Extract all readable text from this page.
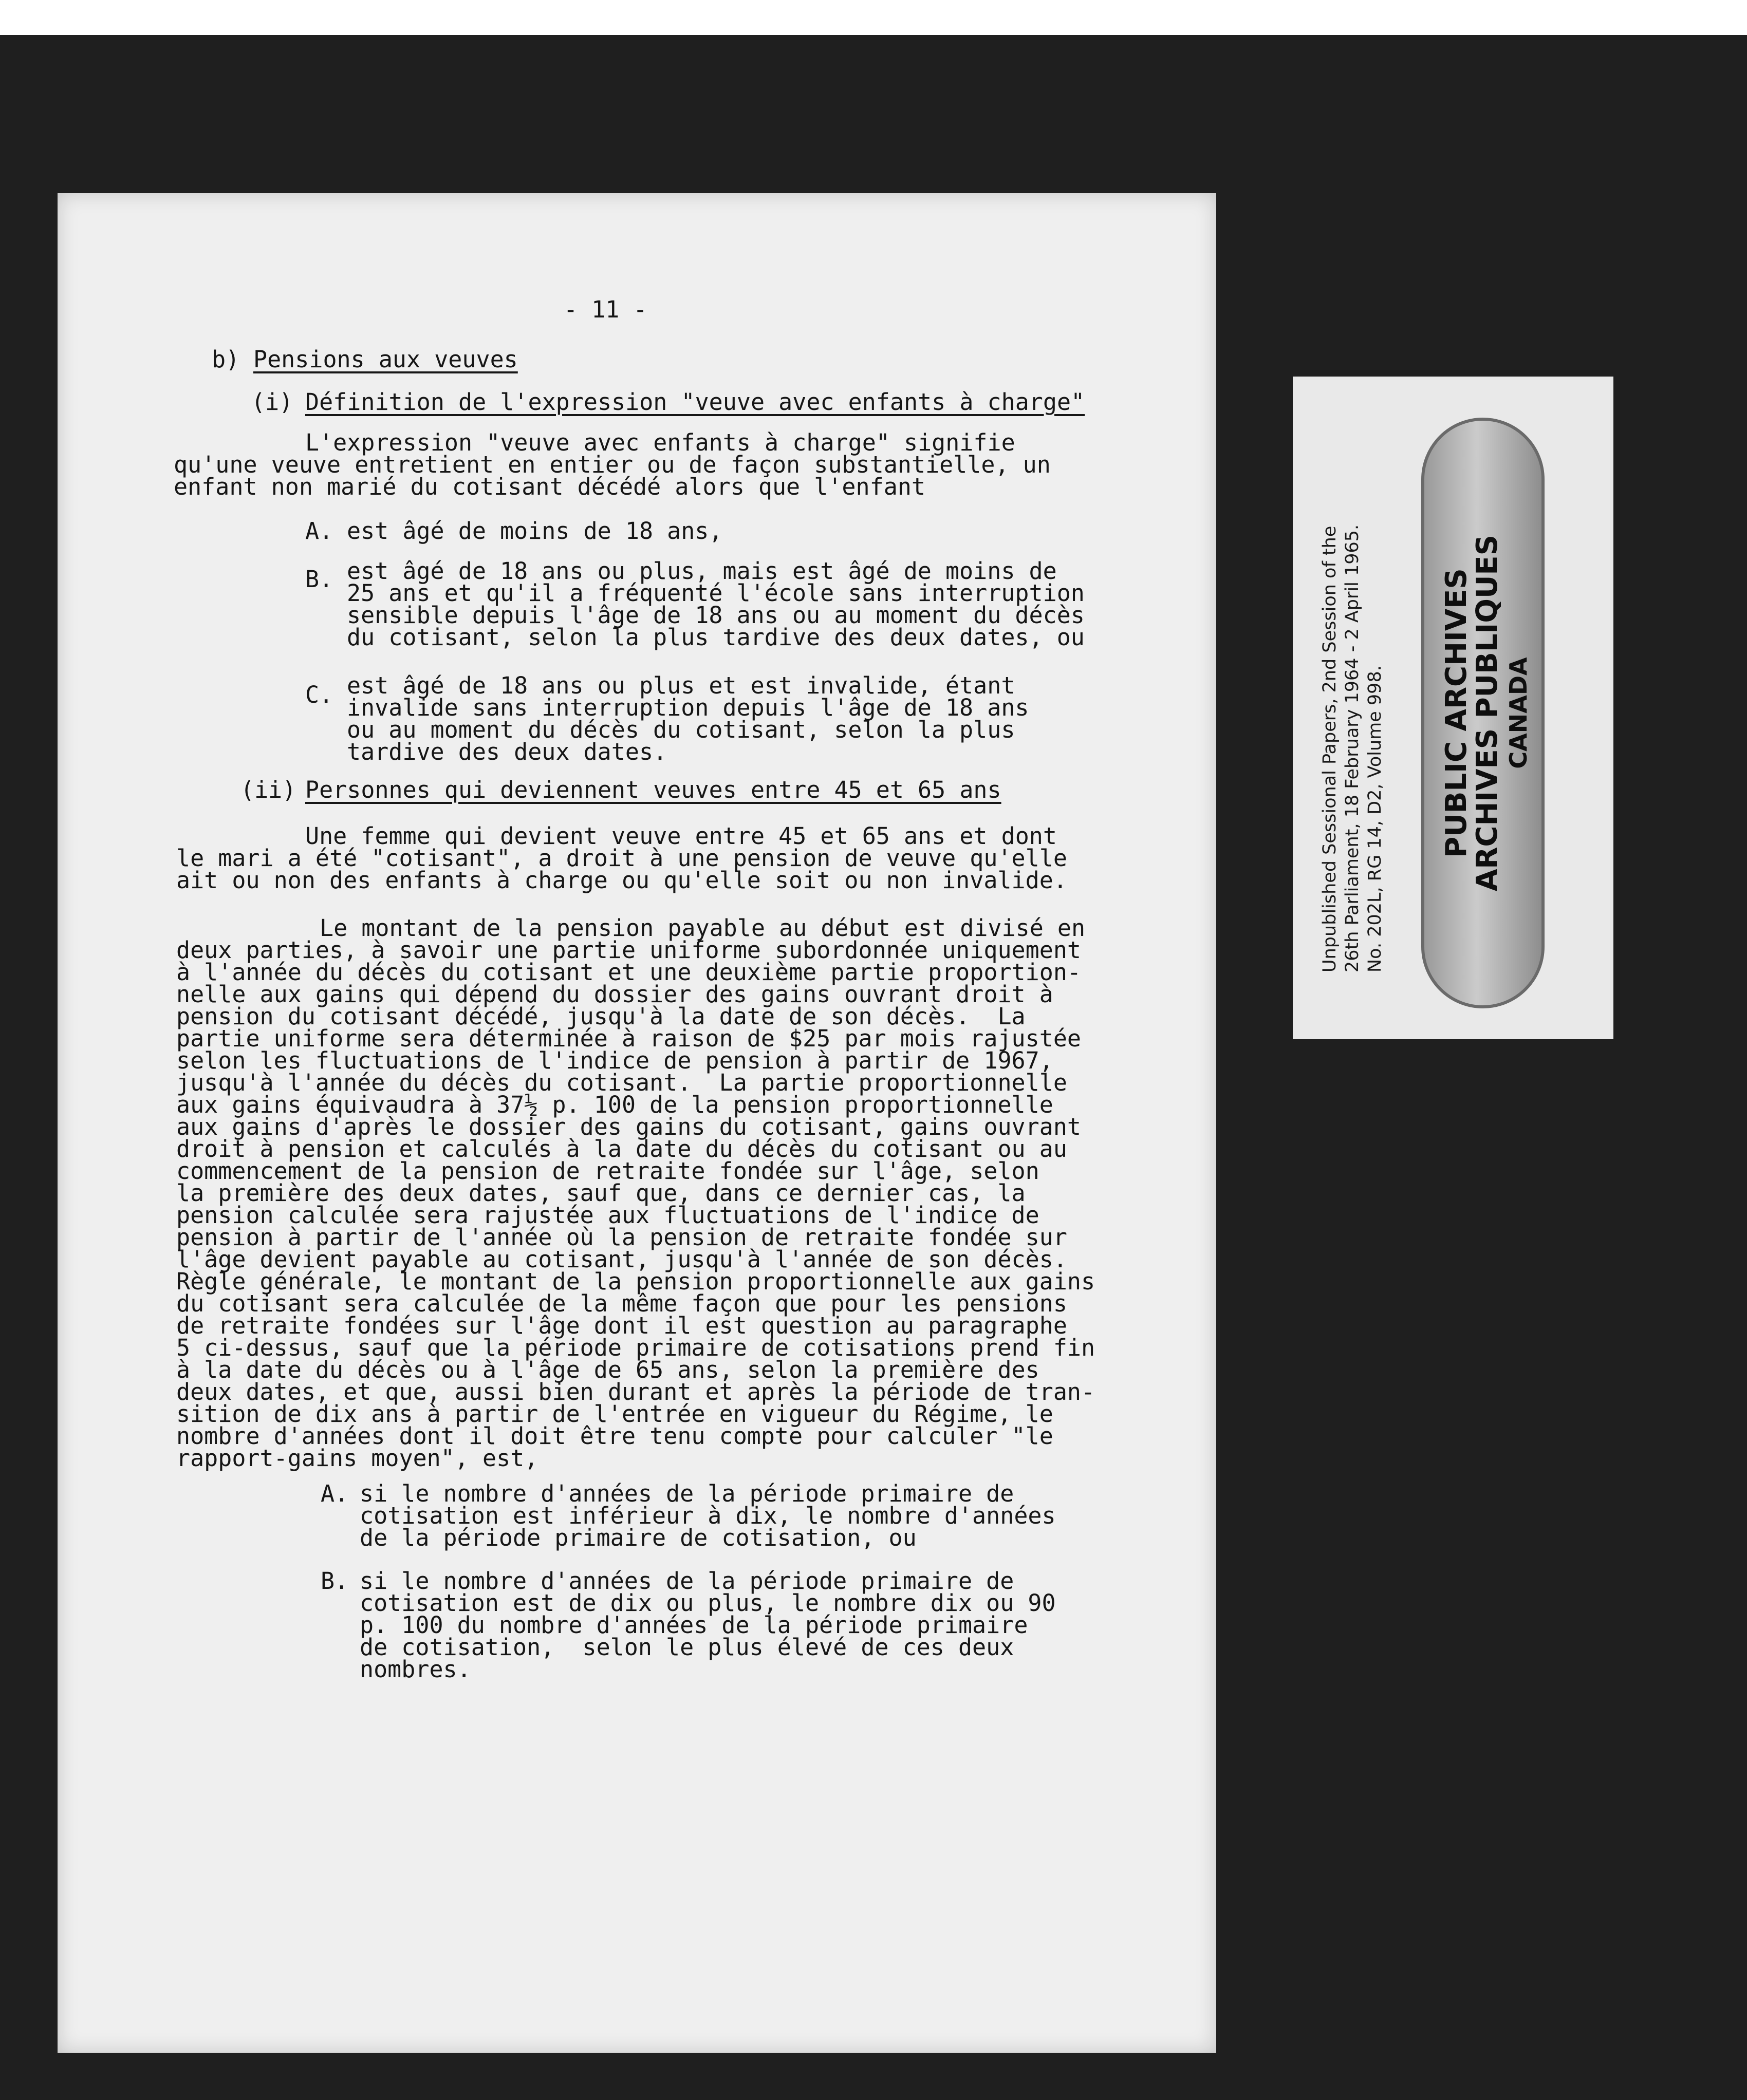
- 11 -
b) Pensions aux veuves
(i) Définition de l'expression "veuve avec enfants à charge"
L'expression "veuve avec enfants à charge" signifie
qu'une veuve entretient en entier ou de façon substantielle, un
enfant non marié du cotisant décédé alors que l'enfant
A. est âgé de moins de 18 ans,
B. est âgé de 18 ans ou plus, mais est âgé de moins de
25 ans et qu'il a fréquenté l'école sans interruption
sensible depuis l'âge de 18 ans ou au moment du décès
du cotisant, selon la plus tardive des deux dates, ou
C. est âgé de 18 ans ou plus et est invalide, étant
invalide sans interruption depuis l'âge de 18 ans
ou au moment du décès du cotisant, selon la plus
tardive des deux dates.
(ii) Personnes qui deviennent veuves entre 45 et 65 ans
Une femme qui devient veuve entre 45 et 65 ans et dont
le mari a été "cotisant", a droit à une pension de veuve qu'elle
ait ou non des enfants à charge ou qu'elle soit ou non invalide.
Le montant de la pension payable au début est divisé en
deux parties, à savoir une partie uniforme subordonnée uniquement
à l'année du décès du cotisant et une deuxième partie proportion-
nelle aux gains qui dépend du dossier des gains ouvrant droit à
pension du cotisant décédé, jusqu'à la date de son décès.  La
partie uniforme sera déterminée à raison de $25 par mois rajustée
selon les fluctuations de l'indice de pension à partir de 1967,
jusqu'à l'année du décès du cotisant.  La partie proportionnelle
aux gains équivaudra à 37½ p. 100 de la pension proportionnelle
aux gains d'après le dossier des gains du cotisant, gains ouvrant
droit à pension et calculés à la date du décès du cotisant ou au
commencement de la pension de retraite fondée sur l'âge, selon
la première des deux dates, sauf que, dans ce dernier cas, la
pension calculée sera rajustée aux fluctuations de l'indice de
pension à partir de l'année où la pension de retraite fondée sur
l'âge devient payable au cotisant, jusqu'à l'année de son décès.
Règle générale, le montant de la pension proportionnelle aux gains
du cotisant sera calculée de la même façon que pour les pensions
de retraite fondées sur l'âge dont il est question au paragraphe
5 ci-dessus, sauf que la période primaire de cotisations prend fin
à la date du décès ou à l'âge de 65 ans, selon la première des
deux dates, et que, aussi bien durant et après la période de tran-
sition de dix ans à partir de l'entrée en vigueur du Régime, le
nombre d'années dont il doit être tenu compte pour calculer "le
rapport-gains moyen", est,
A. si le nombre d'années de la période primaire de
cotisation est inférieur à dix, le nombre d'années
de la période primaire de cotisation, ou
B. si le nombre d'années de la période primaire de
cotisation est de dix ou plus, le nombre dix ou 90
p. 100 du nombre d'années de la période primaire
de cotisation,  selon le plus élevé de ces deux
nombres.
Unpublished Sessional Papers, 2nd Session of the 26th Parliament, 18 February 1964 - 2 April 1965. No. 202L, RG 14, D2, Volume 998. PUBLIC ARCHIVES
ARCHIVES PUBLIQUES CANADA
